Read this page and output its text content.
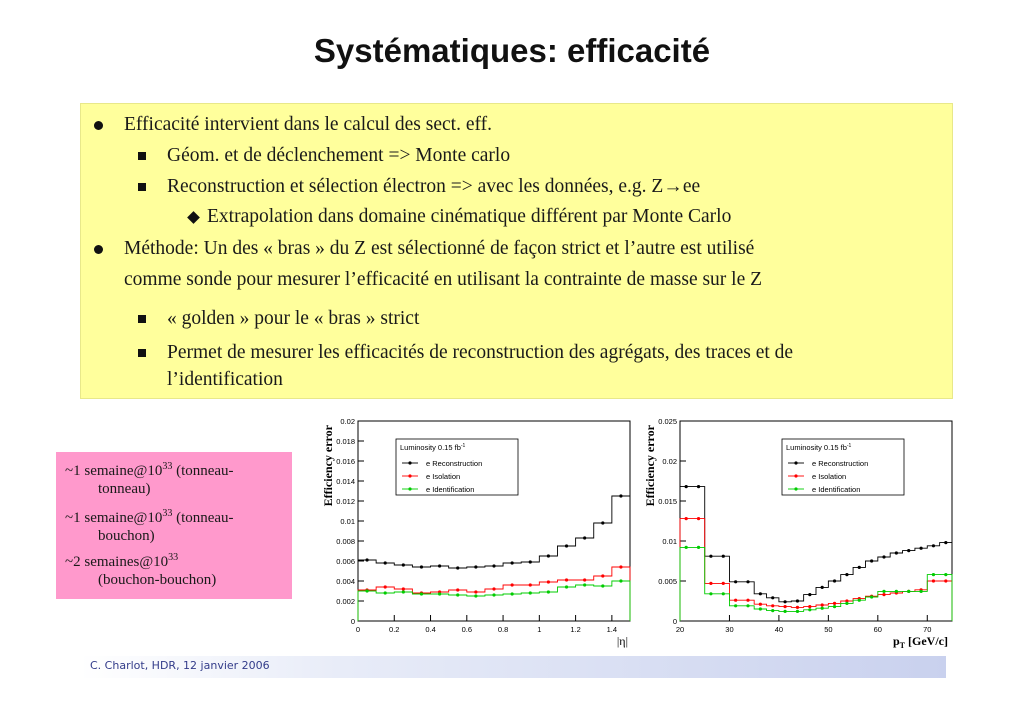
Systématiques: efficacité
Efficacité intervient dans le calcul des sect. eff.
Géom. et de déclenchement => Monte carlo
Reconstruction et sélection électron => avec les données, e.g. Z→ee
Extrapolation dans domaine cinématique différent par Monte Carlo
Méthode: Un des « bras » du Z est sélectionné de façon strict et l’autre est utilisé
comme sonde pour mesurer l’efficacité en utilisant la contrainte de masse sur le Z
« golden » pour le « bras » strict
Permet de mesurer les efficacités de reconstruction des agrégats, des traces et de
l’identification
~1 $semaine@10^{33}$ (tonneau-
tonneau)
~1 $semaine@10^{33}$ (tonneau-
bouchon)
~2 $semaines@10^{33}$
(bouchon-bouchon)
0
0.002
0.004
0.006
0.008
0.01
0.012
0.014
0.016
0.018
0.02
0	0.2	0.4	0.6	0.8	1	1.2	1.4
Efficiency error
|η|
Luminosity 0.15 $fb^{-1}$
e Reconstruction
e Isolation
e Identification
0
0.005
0.01
0.015
0.02
0.025
20	30	40	50	60	70
Efficiency error
$p_T$ [GeV/c]
Luminosity 0.15 $fb^{-1}$
e Reconstruction
e Isolation
e Identification
C. Charlot, HDR, 12 janvier 2006
